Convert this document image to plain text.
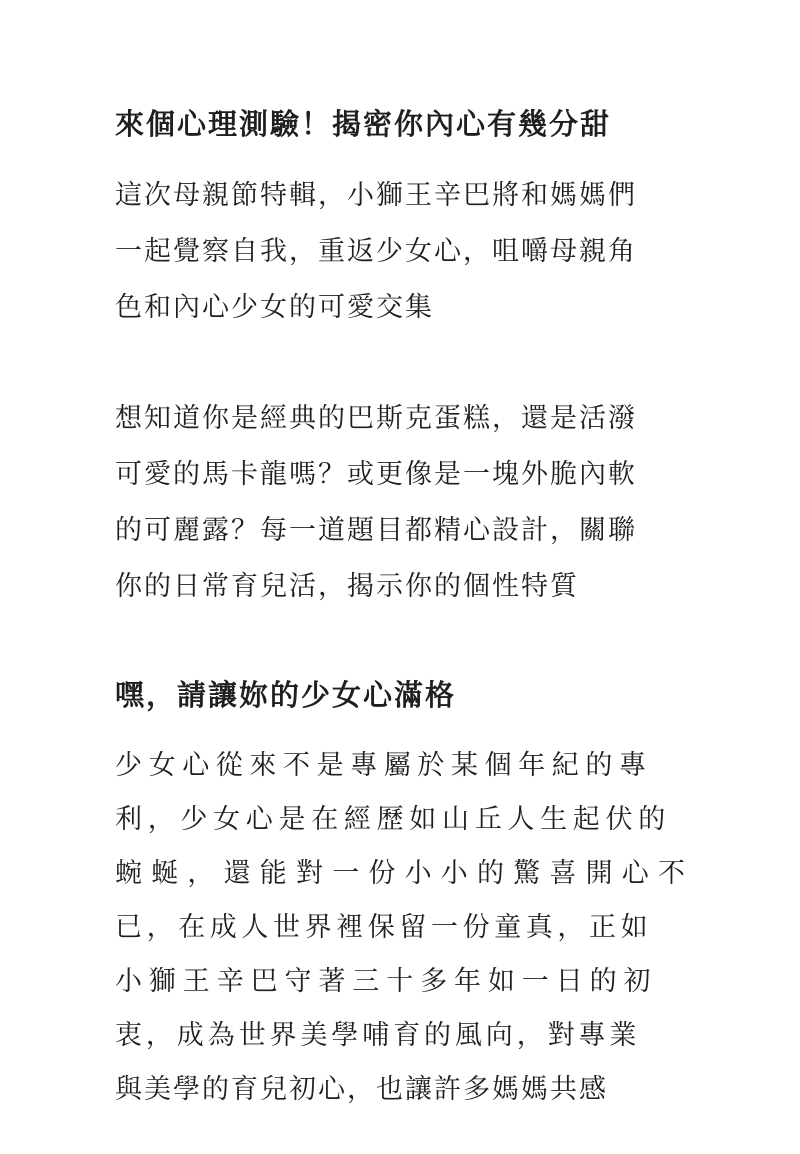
來個心理測驗！揭密你內心有幾分甜

這次母親節特輯，小獅王辛巴將和媽媽們
一起覺察自我，重返少女心，咀嚼母親角
色和內心少女的可愛交集

想知道你是經典的巴斯克蛋糕，還是活潑
可愛的馬卡龍嗎？或更像是一塊外脆內軟
的可麗露？每一道題目都精心設計，關聯
你的日常育兒活，揭示你的個性特質

嘿，請讓妳的少女心滿格

少女心從來不是專屬於某個年紀的專
利，少女心是在經歷如山丘人生起伏的
蜿蜒，還能對一份小小的驚喜開心不
已，在成人世界裡保留一份童真，正如
小獅王辛巴守著三十多年如一日的初
衷，成為世界美學哺育的風向，對專業
與美學的育兒初心，也讓許多媽媽共感
